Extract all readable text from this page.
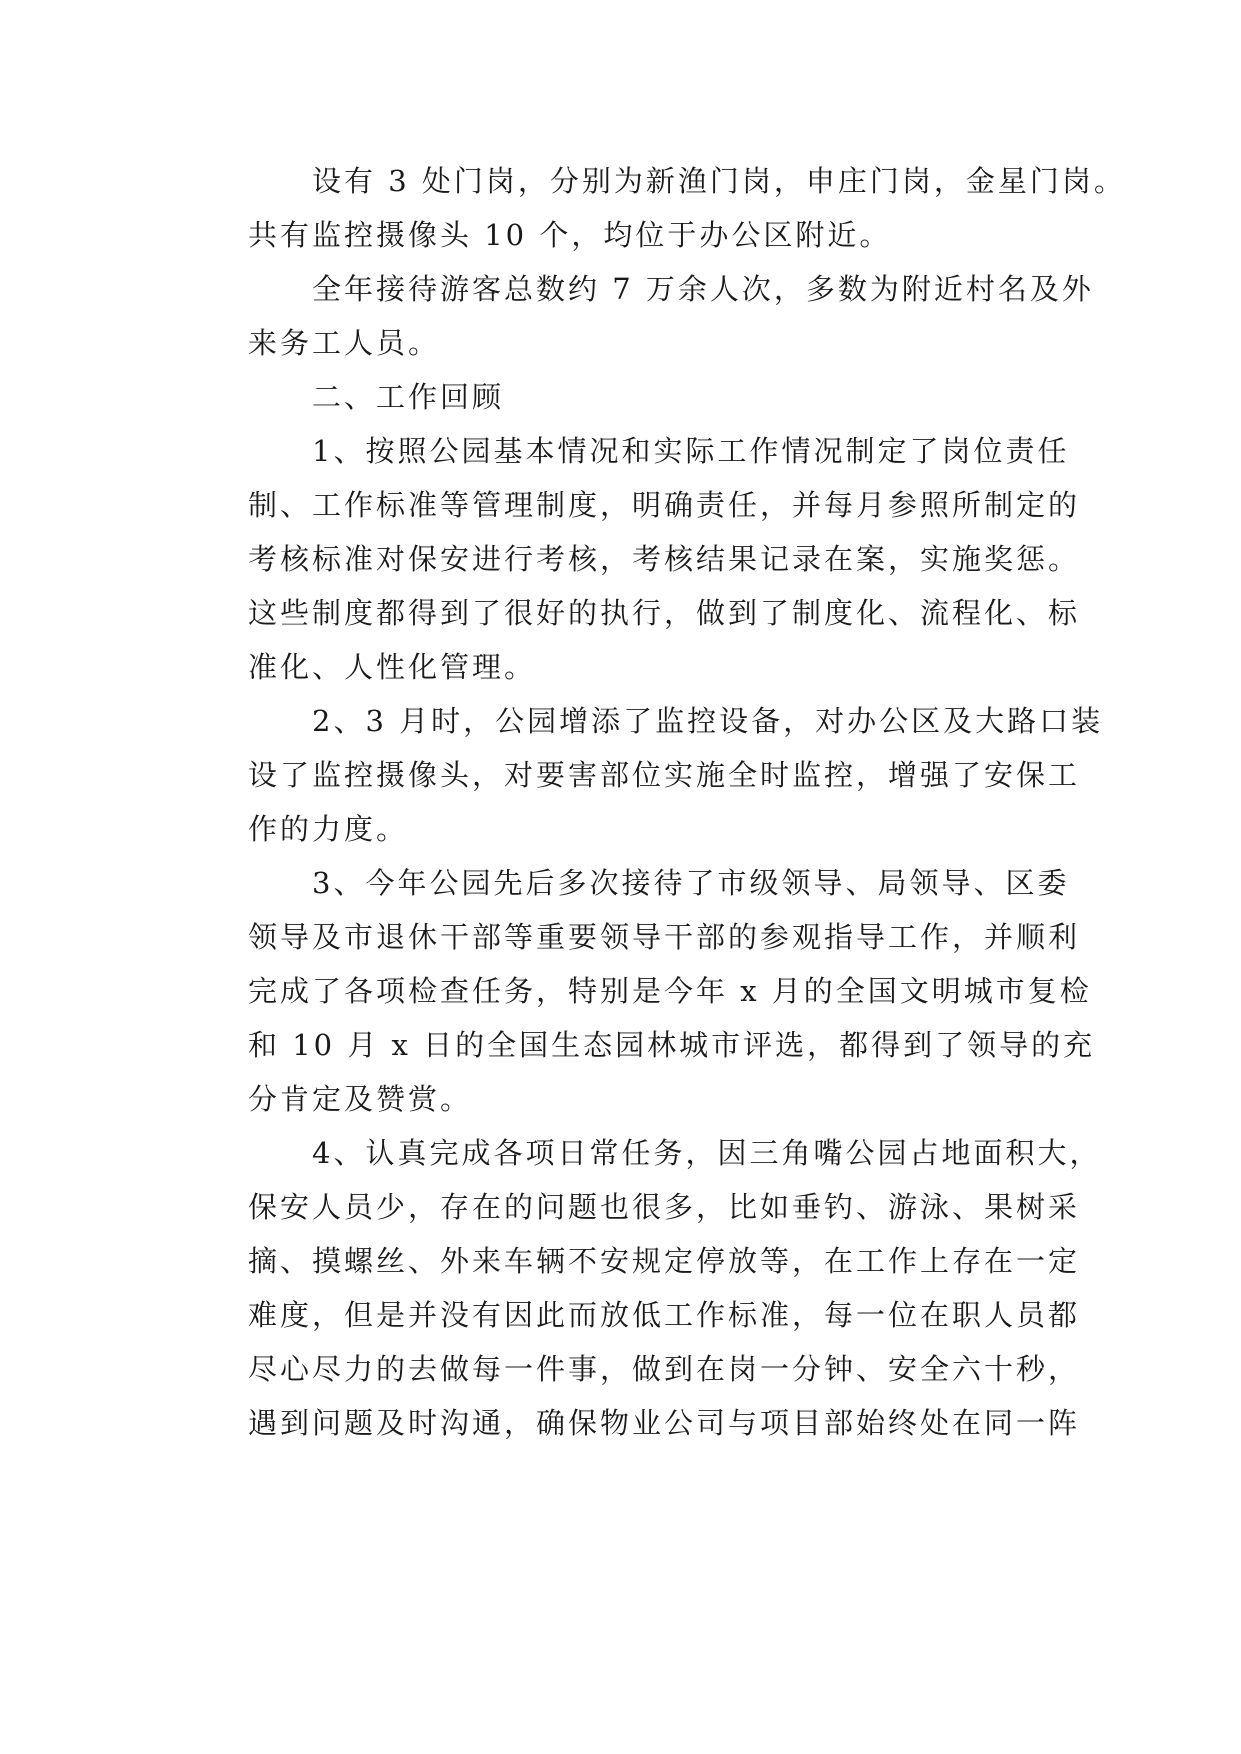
设有 3 处门岗，分别为新渔门岗，申庄门岗，金星门岗。
共有监控摄像头 10 个，均位于办公区附近。
全年接待游客总数约 7 万余人次，多数为附近村名及外
来务工人员。
二、工作回顾
1、按照公园基本情况和实际工作情况制定了岗位责任
制、工作标准等管理制度，明确责任，并每月参照所制定的
考核标准对保安进行考核，考核结果记录在案，实施奖惩。
这些制度都得到了很好的执行，做到了制度化、流程化、标
准化、人性化管理。
2、3 月时，公园增添了监控设备，对办公区及大路口装
设了监控摄像头，对要害部位实施全时监控，增强了安保工
作的力度。
3、今年公园先后多次接待了市级领导、局领导、区委
领导及市退休干部等重要领导干部的参观指导工作，并顺利
完成了各项检查任务，特别是今年 x 月的全国文明城市复检
和 10 月 x 日的全国生态园林城市评选，都得到了领导的充
分肯定及赞赏。
4、认真完成各项日常任务，因三角嘴公园占地面积大，
保安人员少，存在的问题也很多，比如垂钓、游泳、果树采
摘、摸螺丝、外来车辆不安规定停放等，在工作上存在一定
难度，但是并没有因此而放低工作标准，每一位在职人员都
尽心尽力的去做每一件事，做到在岗一分钟、安全六十秒，
遇到问题及时沟通，确保物业公司与项目部始终处在同一阵
